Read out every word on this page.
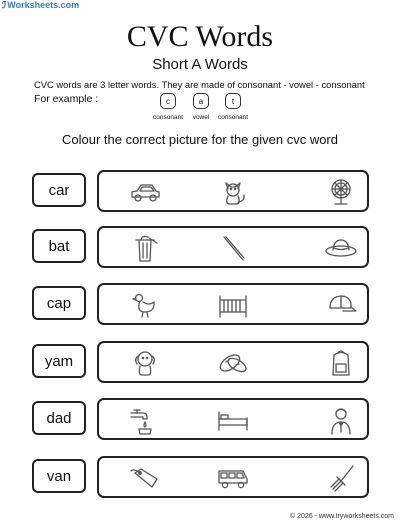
ℐWorksheets.com
CVC Words
Short A Words
CVC words are 3 letter words. They are made of consonant - vowel - consonant
For example :	c	a	t
consonant	vowel	consonant
Colour the correct picture for the given cvc word
car
bat
cap
yam
dad
van
© 2026 - www.tryworksheets.com
